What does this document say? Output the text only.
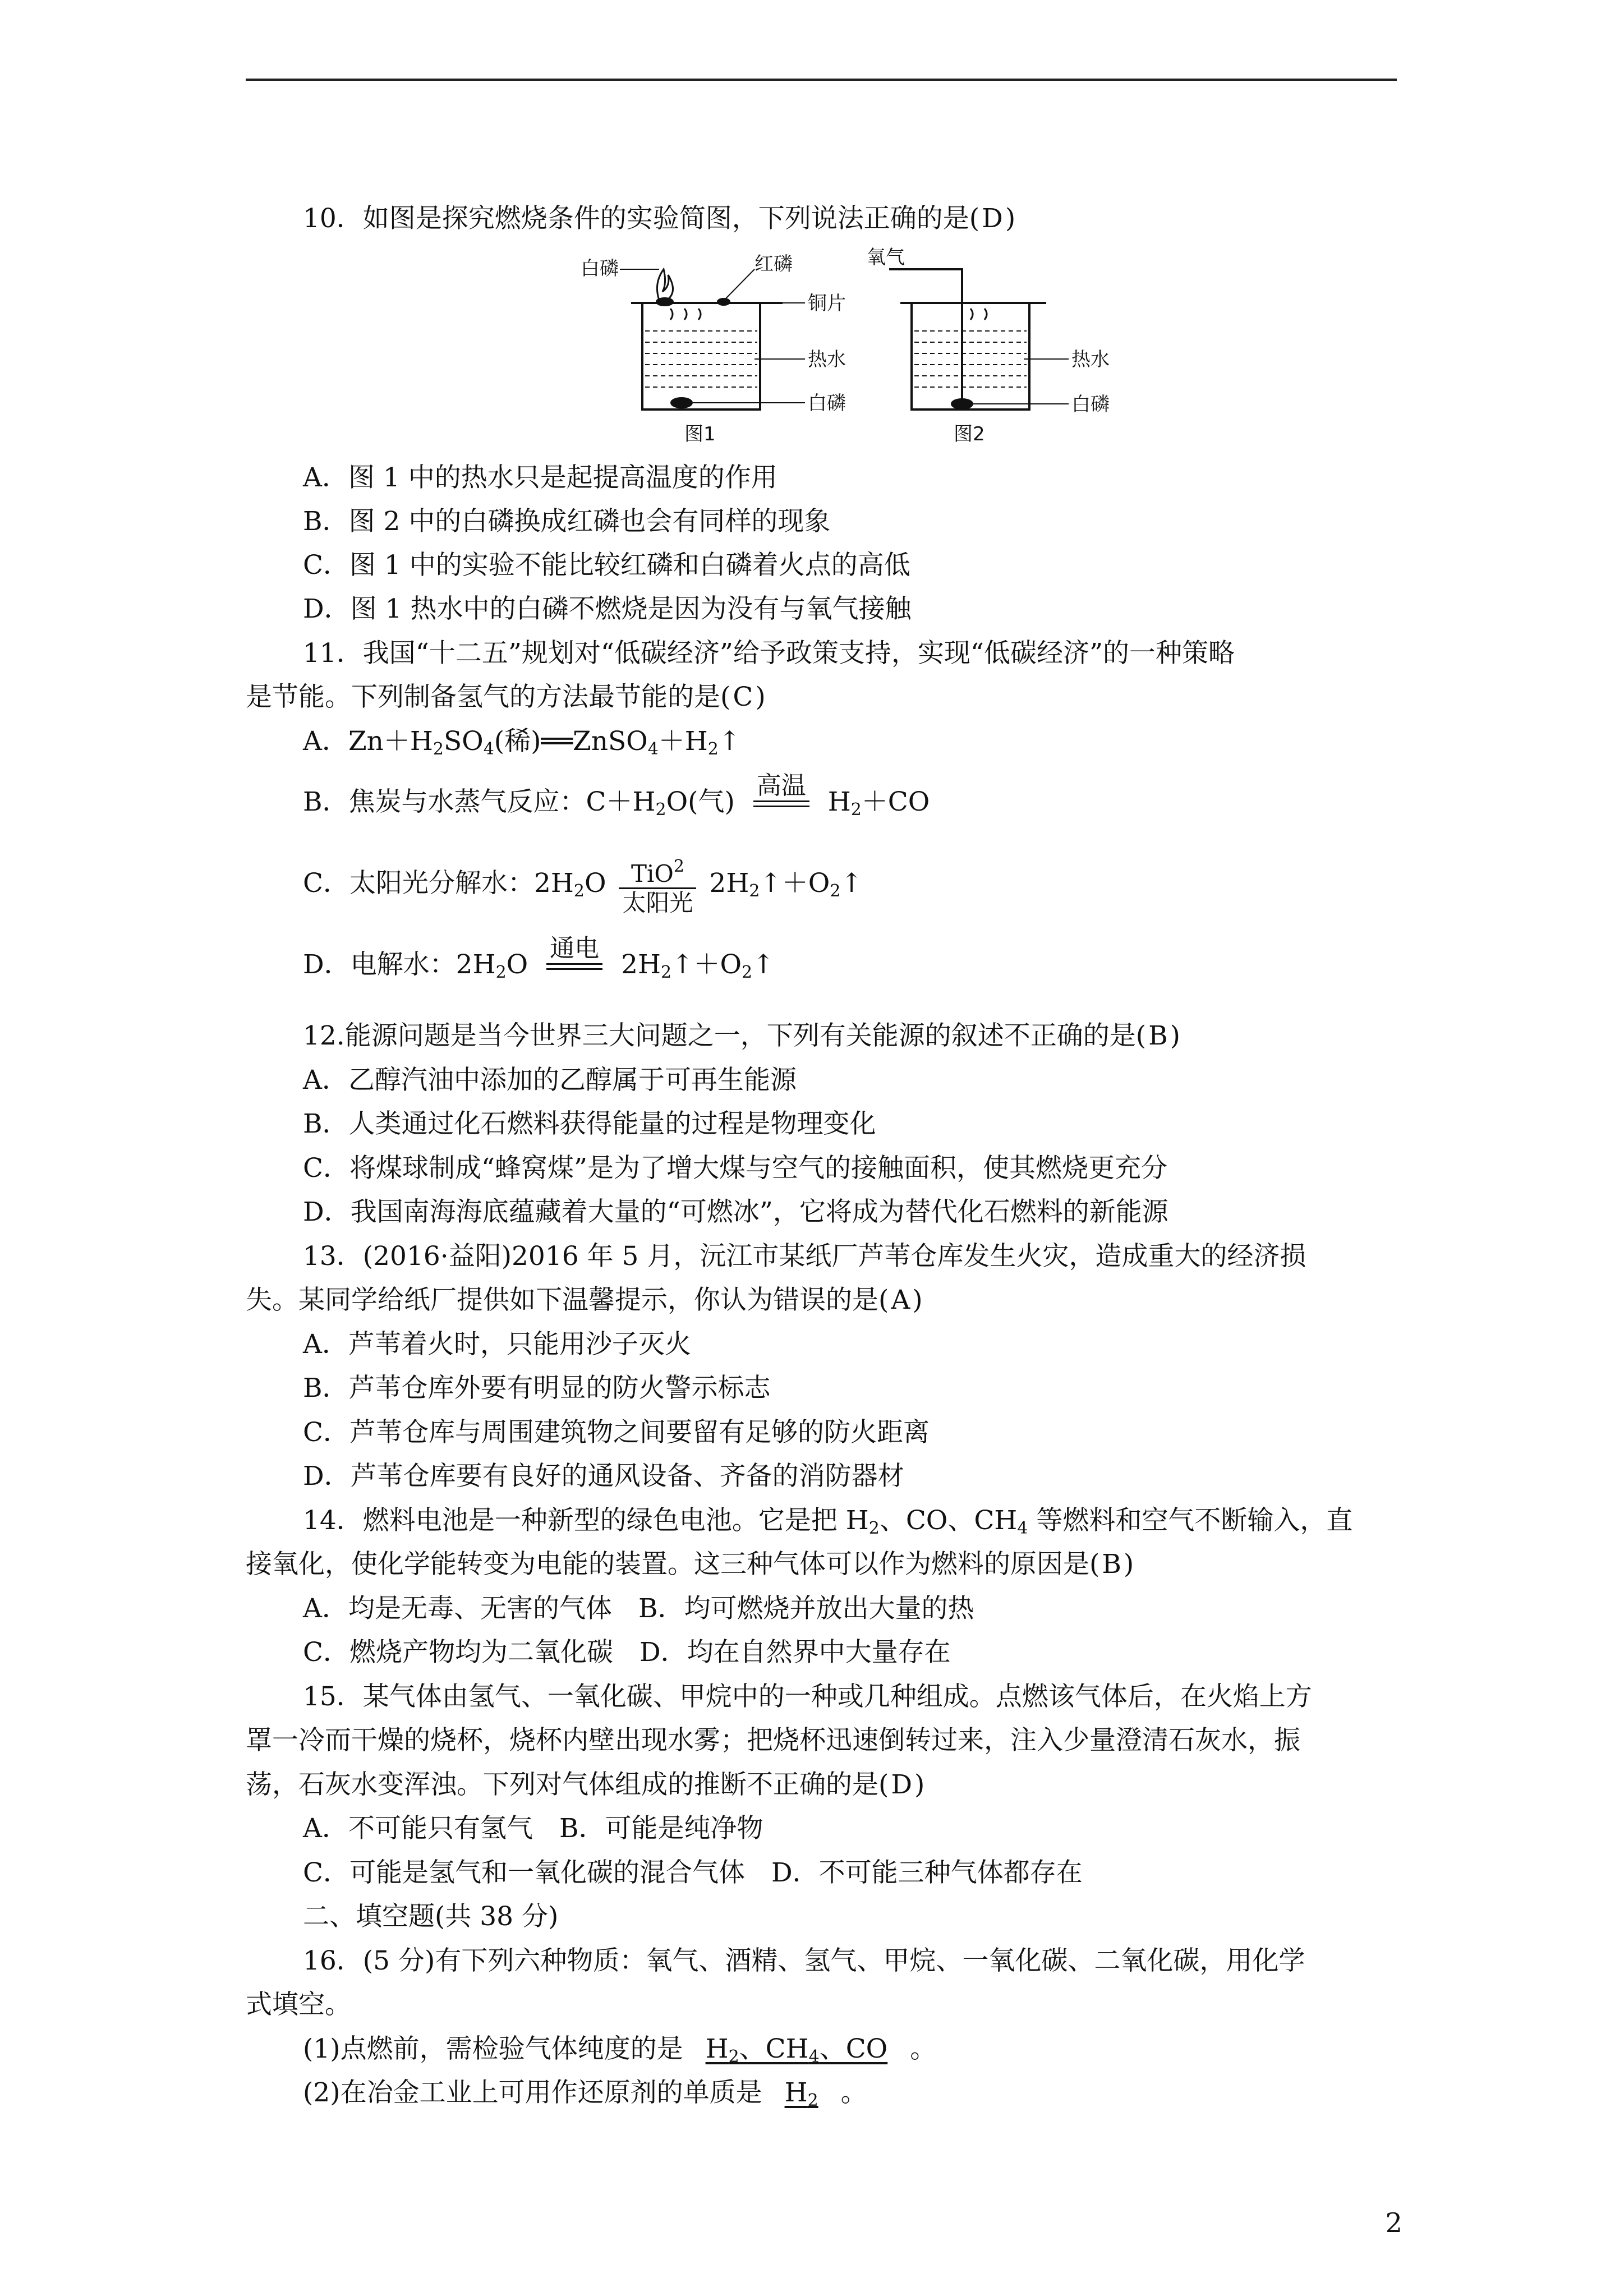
10．如图是探究燃烧条件的实验简图，下列说法正确的是(D)
白磷	红磷
铜片
热水
白磷
图1
氧气
热水
白磷
图2
A．图 1 中的热水只是起提高温度的作用
B．图 2 中的白磷换成红磷也会有同样的现象
C．图 1 中的实验不能比较红磷和白磷着火点的高低
D．图 1 热水中的白磷不燃烧是因为没有与氧气接触
11．我国“十二五”规划对“低碳经济”给予政策支持，实现“低碳经济”的一种策略
是节能。下列制备氢气的方法最节能的是(C)
A．$Zn+H_2SO_4$(稀)$══ZnSO_4+H_2↑$
B．焦炭与水蒸气反应：$C+H_2O$(气)
高温
$H_2+CO$
C．太阳光分解水：$2H_2O \frac{TiO^2}{\text{太阳光}}$ $2H_2↑+O_2↑$
D．电解水：$2H_2O$
通电
$2H_2↑+O_2↑$
12.能源问题是当今世界三大问题之一，下列有关能源的叙述不正确的是(B)
A．乙醇汽油中添加的乙醇属于可再生能源
B．人类通过化石燃料获得能量的过程是物理变化
C．将煤球制成“蜂窝煤”是为了增大煤与空气的接触面积，使其燃烧更充分
D．我国南海海底蕴藏着大量的“可燃冰”，它将成为替代化石燃料的新能源
13．(2016·益阳)2016 年 5 月，沅江市某纸厂芦苇仓库发生火灾，造成重大的经济损
失。某同学给纸厂提供如下温馨提示，你认为错误的是(A)
A．芦苇着火时，只能用沙子灭火
B．芦苇仓库外要有明显的防火警示标志
C．芦苇仓库与周围建筑物之间要留有足够的防火距离
D．芦苇仓库要有良好的通风设备、齐备的消防器材
14．燃料电池是一种新型的绿色电池。它是把 $H_2$、CO、$CH_4$ 等燃料和空气不断输入，直
接氧化，使化学能转变为电能的装置。这三种气体可以作为燃料的原因是(B)
A．均是无毒、无害的气体　B．均可燃烧并放出大量的热
C．燃烧产物均为二氧化碳　D．均在自然界中大量存在
15．某气体由氢气、一氧化碳、甲烷中的一种或几种组成。点燃该气体后，在火焰上方
罩一冷而干燥的烧杯，烧杯内壁出现水雾；把烧杯迅速倒转过来，注入少量澄清石灰水，振
荡，石灰水变浑浊。下列对气体组成的推断不正确的是(D)
A．不可能只有氢气　B．可能是纯净物
C．可能是氢气和一氧化碳的混合气体　D．不可能三种气体都存在
二、填空题(共 38 分)
16．(5 分)有下列六种物质：氧气、酒精、氢气、甲烷、一氧化碳、二氧化碳，用化学
式填空。
(1)点燃前，需检验气体纯度的是 $H_2$、$CH_4$、CO 。
(2)在冶金工业上可用作还原剂的单质是 $H_2$ 。
2
